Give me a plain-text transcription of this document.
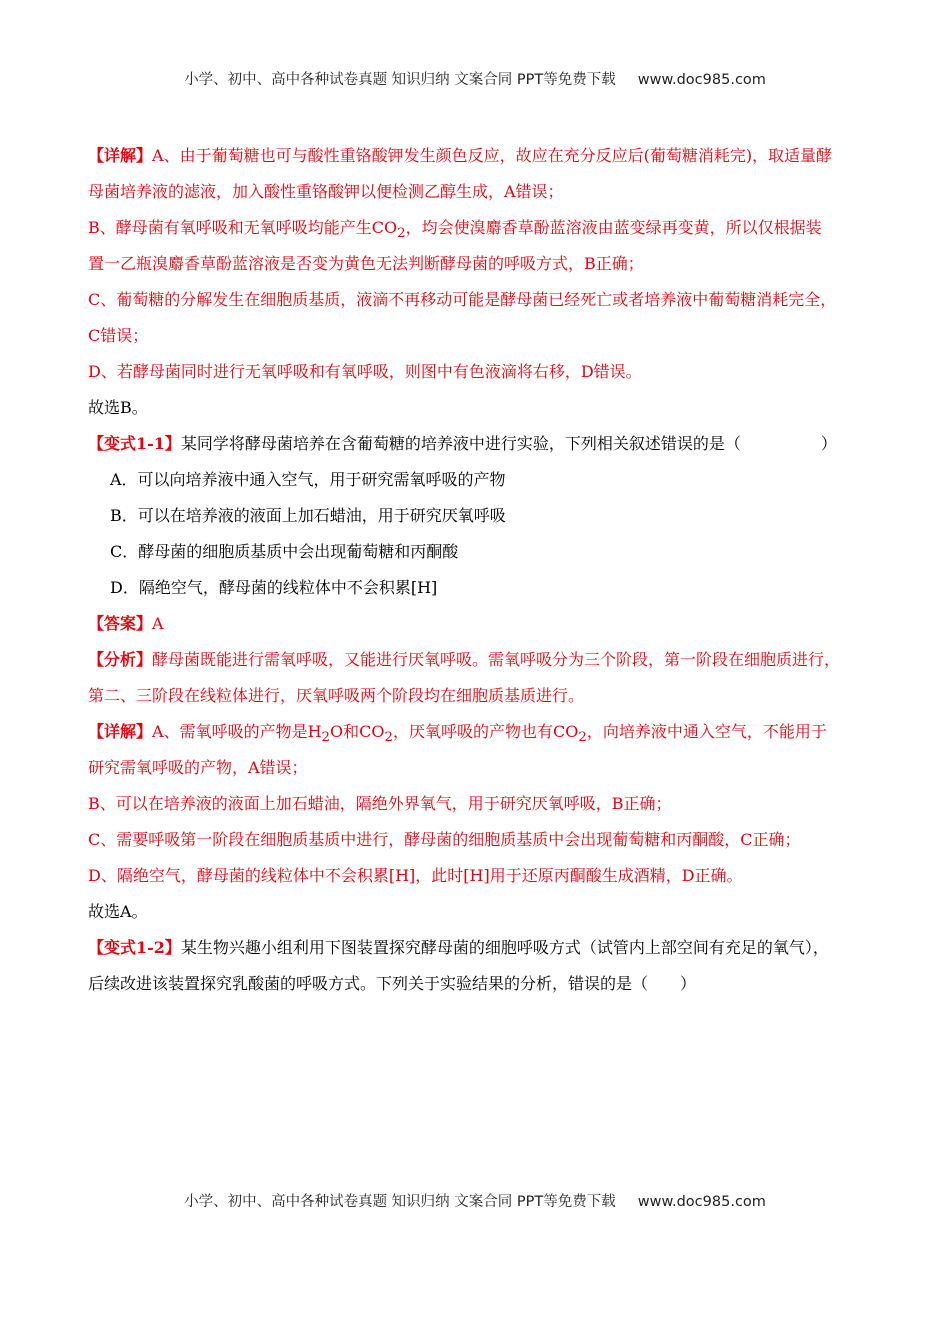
小学、初中、高中各种试卷真题 知识归纳 文案合同 PPT等免费下载 www.doc985.com
【详解】A、由于葡萄糖也可与酸性重铬酸钾发生颜色反应，故应在充分反应后(葡萄糖消耗完)，取适量酵
母菌培养液的滤液，加入酸性重铬酸钾以便检测乙醇生成，A错误；
B、酵母菌有氧呼吸和无氧呼吸均能产生$CO_2$，均会使溴麝香草酚蓝溶液由蓝变绿再变黄，所以仅根据装
置一乙瓶溴麝香草酚蓝溶液是否变为黄色无法判断酵母菌的呼吸方式，B正确；
C、葡萄糖的分解发生在细胞质基质，液滴不再移动可能是酵母菌已经死亡或者培养液中葡萄糖消耗完全，
C错误；
D、若酵母菌同时进行无氧呼吸和有氧呼吸，则图中有色液滴将右移，D错误。
故选B。
【变式1-1】某同学将酵母菌培养在含葡萄糖的培养液中进行实验，下列相关叙述错误的是（　　　　　）
A．可以向培养液中通入空气，用于研究需氧呼吸的产物
B．可以在培养液的液面上加石蜡油，用于研究厌氧呼吸
C．酵母菌的细胞质基质中会出现葡萄糖和丙酮酸
D．隔绝空气，酵母菌的线粒体中不会积累[H]
【答案】A
【分析】酵母菌既能进行需氧呼吸，又能进行厌氧呼吸。需氧呼吸分为三个阶段，第一阶段在细胞质进行，
第二、三阶段在线粒体进行，厌氧呼吸两个阶段均在细胞质基质进行。
【详解】A、需氧呼吸的产物是$H_2O$和$CO_2$，厌氧呼吸的产物也有$CO_2$，向培养液中通入空气，不能用于
研究需氧呼吸的产物，A错误；
B、可以在培养液的液面上加石蜡油，隔绝外界氧气，用于研究厌氧呼吸，B正确；
C、需要呼吸第一阶段在细胞质基质中进行，酵母菌的细胞质基质中会出现葡萄糖和丙酮酸，C正确；
D、隔绝空气，酵母菌的线粒体中不会积累[H]，此时[H]用于还原丙酮酸生成酒精，D正确。
故选A。
【变式1-2】某生物兴趣小组利用下图装置探究酵母菌的细胞呼吸方式（试管内上部空间有充足的氧气），
后续改进该装置探究乳酸菌的呼吸方式。下列关于实验结果的分析，错误的是（　　）
小学、初中、高中各种试卷真题 知识归纳 文案合同 PPT等免费下载 www.doc985.com
